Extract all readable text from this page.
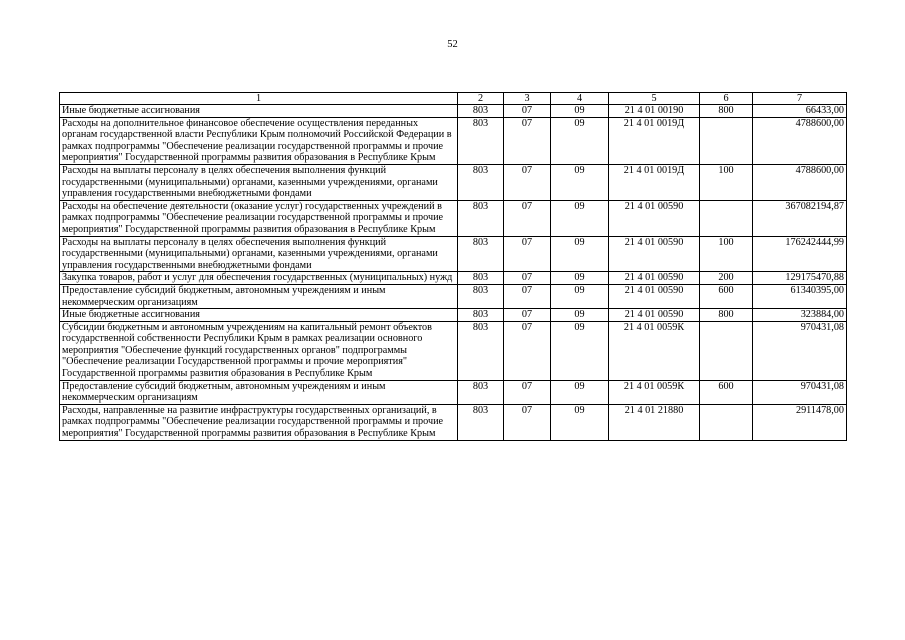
52
1	2	3	4	5	6	7
Иные бюджетные ассигнования	803	07	09	21 4 01 00190	800	66433,00
Расходы на дополнительное финансовое обеспечение осуществления переданных органам государственной власти Республики Крым полномочий Российской Федерации в рамках подпрограммы "Обеспечение реализации государственной программы и прочие мероприятия" Государственной программы развития образования в Республике Крым	803	07	09	21 4 01 0019Д		4788600,00
Расходы на выплаты персоналу в целях обеспечения выполнения функций государственными (муниципальными) органами, казенными учреждениями, органами управления государственными внебюджетными фондами	803	07	09	21 4 01 0019Д	100	4788600,00
Расходы на обеспечение деятельности (оказание услуг) государственных учреждений в рамках подпрограммы "Обеспечение реализации государственной программы и прочие мероприятия" Государственной программы развития образования в Республике Крым	803	07	09	21 4 01 00590		367082194,87
Расходы на выплаты персоналу в целях обеспечения выполнения функций государственными (муниципальными) органами, казенными учреждениями, органами управления государственными внебюджетными фондами	803	07	09	21 4 01 00590	100	176242444,99
Закупка товаров, работ и услуг для обеспечения государственных (муниципальных) нужд	803	07	09	21 4 01 00590	200	129175470,88
Предоставление субсидий бюджетным, автономным учреждениям и иным некоммерческим организациям	803	07	09	21 4 01 00590	600	61340395,00
Иные бюджетные ассигнования	803	07	09	21 4 01 00590	800	323884,00
Субсидии бюджетным и автономным учреждениям на капитальный ремонт объектов государственной собственности Республики Крым в рамках реализации основного мероприятия "Обеспечение функций государственных органов" подпрограммы "Обеспечение реализации Государственной программы и прочие мероприятия" Государственной программы развития образования в Республике Крым	803	07	09	21 4 01 0059К		970431,08
Предоставление субсидий бюджетным, автономным учреждениям и иным некоммерческим организациям	803	07	09	21 4 01 0059К	600	970431,08
Расходы, направленные на развитие инфраструктуры государственных организаций, в рамках подпрограммы "Обеспечение реализации государственной программы и прочие мероприятия" Государственной программы развития образования в Республике Крым	803	07	09	21 4 01 21880		2911478,00
